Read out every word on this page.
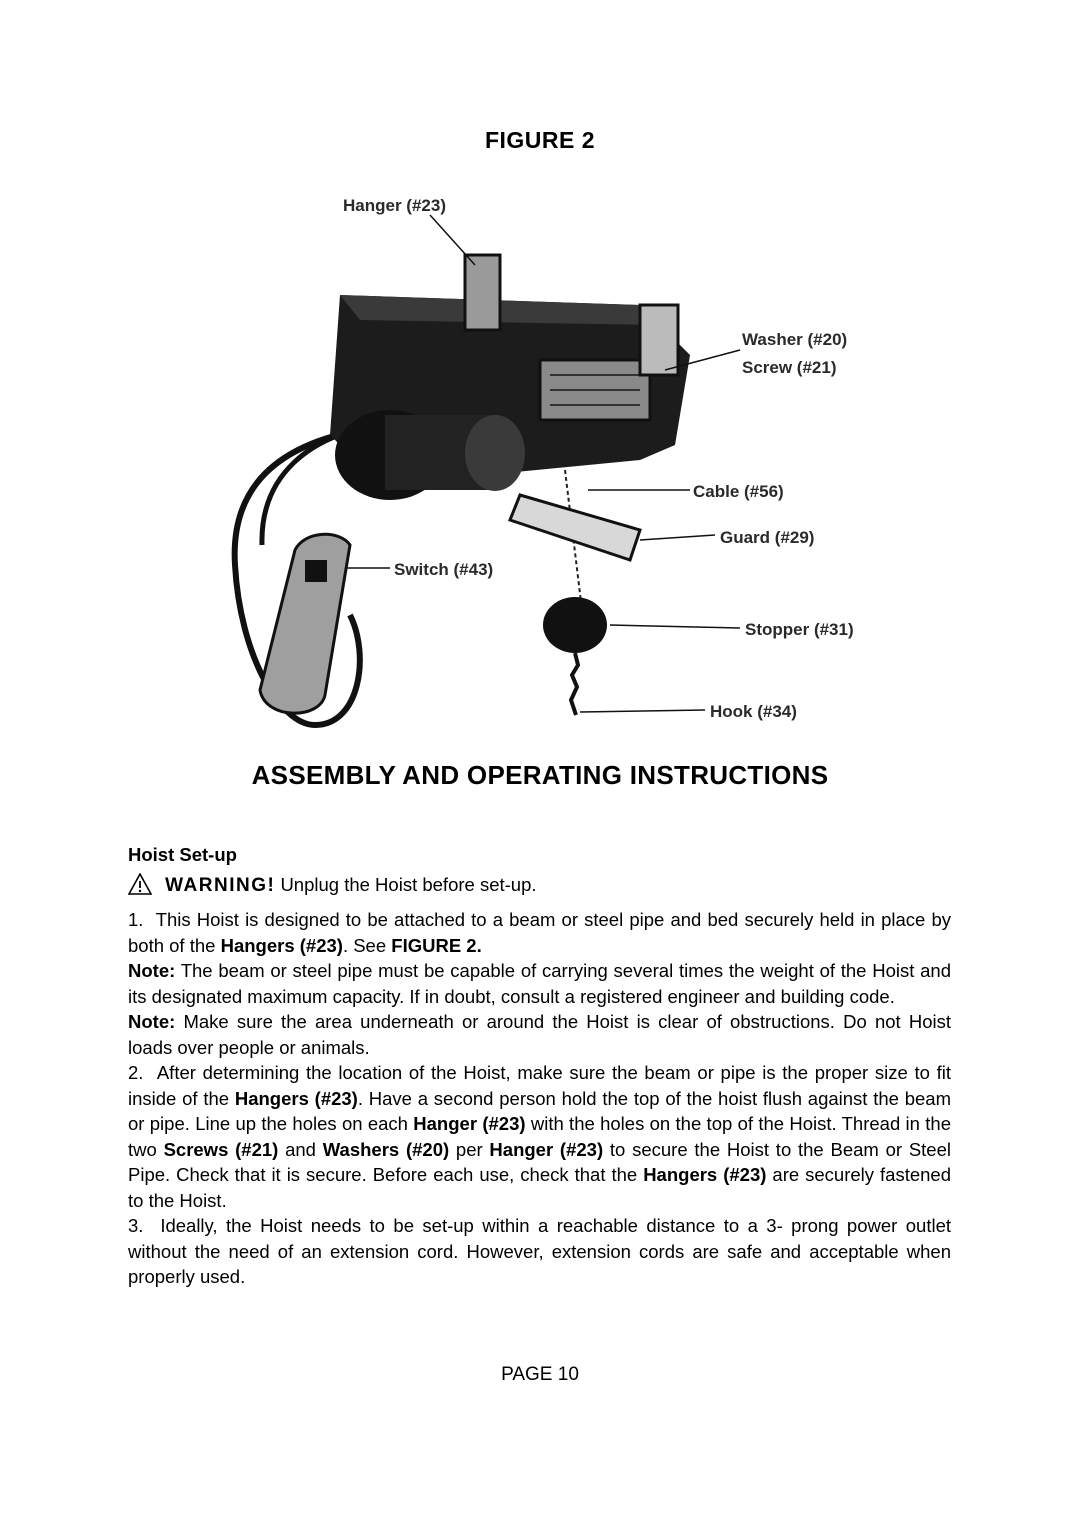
FIGURE 2
Hanger (#23)
Washer (#20)
Screw (#21)
Cable (#56)
Guard (#29)
Switch (#43)
Stopper (#31)
Hook (#34)
ASSEMBLY AND OPERATING INSTRUCTIONS
Hoist Set-up
WARNING! Unplug the Hoist before set-up.

1. This Hoist is designed to be attached to a beam or steel pipe and bed securely held in place by both of the Hangers (#23). See FIGURE 2.

Note: The beam or steel pipe must be capable of carrying several times the weight of the Hoist and its designated maximum capacity. If in doubt, consult a registered engineer and building code.

Note: Make sure the area underneath or around the Hoist is clear of obstructions. Do not Hoist loads over people or animals.

2. After determining the location of the Hoist, make sure the beam or pipe is the proper size to fit inside of the Hangers (#23). Have a second person hold the top of the hoist flush against the beam or pipe. Line up the holes on each Hanger (#23) with the holes on the top of the Hoist. Thread in the two Screws (#21) and Washers (#20) per Hanger (#23) to secure the Hoist to the Beam or Steel Pipe. Check that it is secure. Before each use, check that the Hangers (#23) are securely fastened to the Hoist.

3. Ideally, the Hoist needs to be set-up within a reachable distance to a 3- prong power outlet without the need of an extension cord. However, extension cords are safe and acceptable when properly used.

PAGE 10
